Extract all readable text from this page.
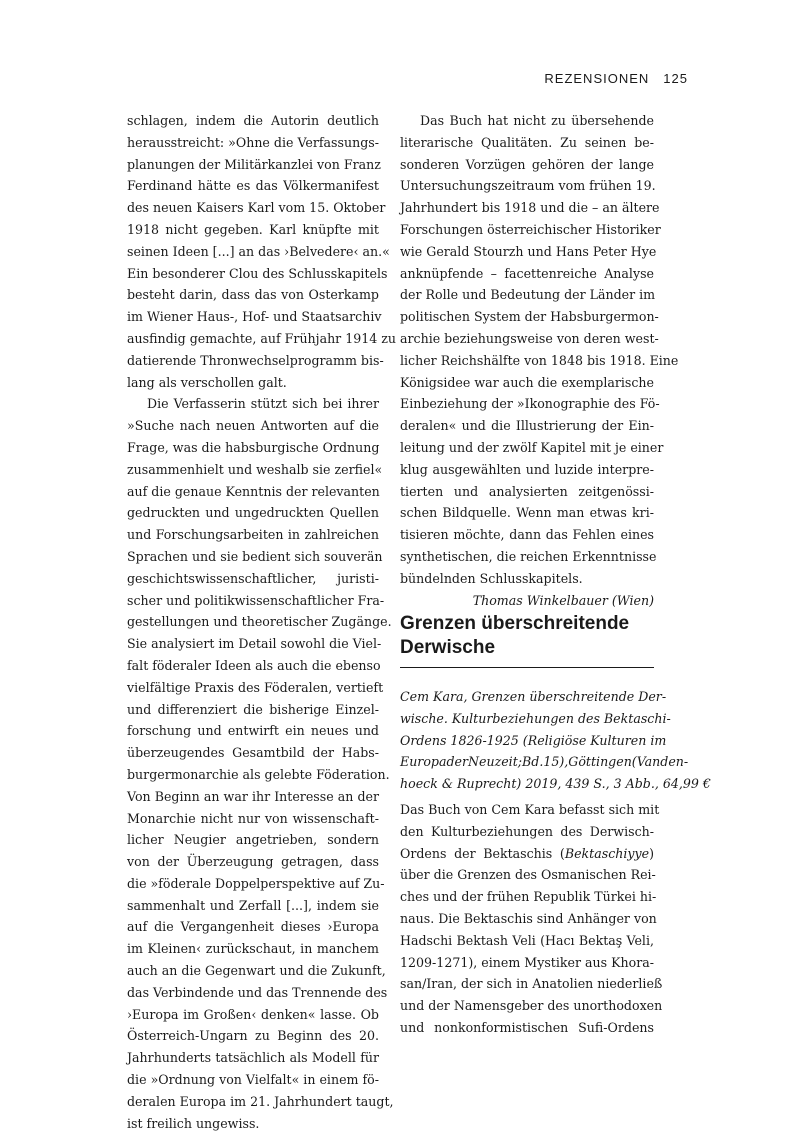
REZENSIONEN 125
schlagen, indem die Autorin deutlich
herausstreicht: »Ohne die Verfassungs-
planungen der Militärkanzlei von Franz
Ferdinand hätte es das Völkermanifest
des neuen Kaisers Karl vom 15. Oktober
1918 nicht gegeben. Karl knüpfte mit
seinen Ideen [...] an das ›Belvedere‹ an.«
Ein besonderer Clou des Schlusskapitels
besteht darin, dass das von Osterkamp
im Wiener Haus-, Hof- und Staatsarchiv
ausfindig gemachte, auf Frühjahr 1914 zu
datierende Thronwechselprogramm bis-
lang als verschollen galt.
Die Verfasserin stützt sich bei ihrer
»Suche nach neuen Antworten auf die
Frage, was die habsburgische Ordnung
zusammenhielt und weshalb sie zerfiel«
auf die genaue Kenntnis der relevanten
gedruckten und ungedruckten Quellen
und Forschungsarbeiten in zahlreichen
Sprachen und sie bedient sich souverän
geschichtswissenschaftlicher, juristi-
scher und politikwissenschaftlicher Fra-
gestellungen und theoretischer Zugänge.
Sie analysiert im Detail sowohl die Viel-
falt föderaler Ideen als auch die ebenso
vielfältige Praxis des Föderalen, vertieft
und differenziert die bisherige Einzel-
forschung und entwirft ein neues und
überzeugendes Gesamtbild der Habs-
burgermonarchie als gelebte Föderation.
Von Beginn an war ihr Interesse an der
Monarchie nicht nur von wissenschaft-
licher Neugier angetrieben, sondern
von der Überzeugung getragen, dass
die »föderale Doppelperspektive auf Zu-
sammenhalt und Zerfall [...], indem sie
auf die Vergangenheit dieses ›Europa
im Kleinen‹ zurückschaut, in manchem
auch an die Gegenwart und die Zukunft,
das Verbindende und das Trennende des
›Europa im Großen‹ denken« lasse. Ob
Österreich-Ungarn zu Beginn des 20.
Jahrhunderts tatsächlich als Modell für
die »Ordnung von Vielfalt« in einem fö-
deralen Europa im 21. Jahrhundert taugt,
ist freilich ungewiss.
Das Buch hat nicht zu übersehende
literarische Qualitäten. Zu seinen be-
sonderen Vorzügen gehören der lange
Untersuchungszeitraum vom frühen 19.
Jahrhundert bis 1918 und die – an ältere
Forschungen österreichischer Historiker
wie Gerald Stourzh und Hans Peter Hye
anknüpfende – facettenreiche Analyse
der Rolle und Bedeutung der Länder im
politischen System der Habsburgermon-
archie beziehungsweise von deren west-
licher Reichshälfte von 1848 bis 1918. Eine
Königsidee war auch die exemplarische
Einbeziehung der »Ikonographie des Fö-
deralen« und die Illustrierung der Ein-
leitung und der zwölf Kapitel mit je einer
klug ausgewählten und luzide interpre-
tierten und analysierten zeitgenössi-
schen Bildquelle. Wenn man etwas kri-
tisieren möchte, dann das Fehlen eines
synthetischen, die reichen Erkenntnisse
bündelnden Schlusskapitels.
Thomas Winkelbauer (Wien)
Grenzen überschreitende
Derwische
Cem Kara, Grenzen überschreitende Der-
wische. Kulturbeziehungen des Bektaschi-
Ordens 1826-1925 (Religiöse Kulturen im
EuropaderNeuzeit;Bd.15),Göttingen(Vanden-
hoeck & Ruprecht) 2019, 439 S., 3 Abb., 64,99 €
Das Buch von Cem Kara befasst sich mit
den Kulturbeziehungen des Derwisch-
Ordens der Bektaschis (Bektaschiyye)
über die Grenzen des Osmanischen Rei-
ches und der frühen Republik Türkei hi-
naus. Die Bektaschis sind Anhänger von
Hadschi Bektash Veli (Hacı Bektaş Veli,
1209-1271), einem Mystiker aus Khora-
san/Iran, der sich in Anatolien niederließ
und der Namensgeber des unorthodoxen
und nonkonformistischen Sufi-Ordens
